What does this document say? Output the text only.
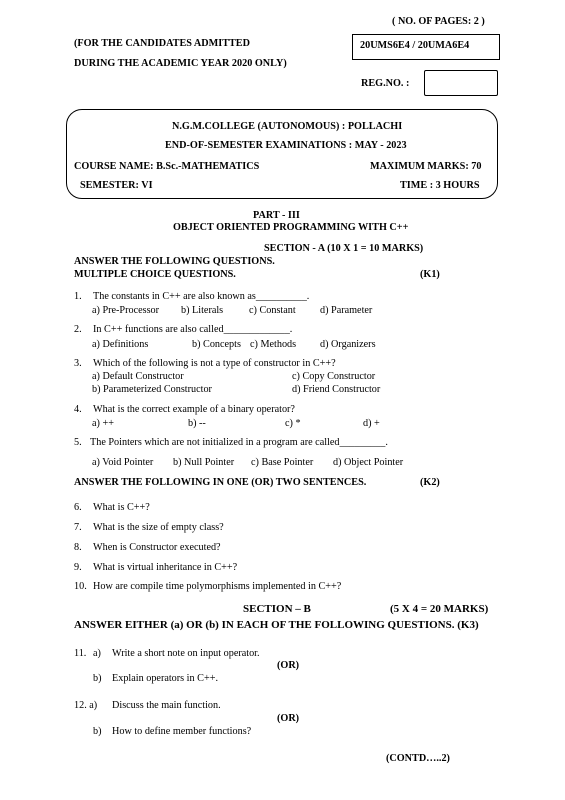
( NO. OF PAGES: 2 )
(FOR THE CANDIDATES ADMITTED
DURING THE ACADEMIC YEAR 2020 ONLY)
20UMS6E4 / 20UMA6E4
REG.NO. :
N.G.M.COLLEGE (AUTONOMOUS) : POLLACHI
END-OF-SEMESTER EXAMINATIONS : MAY - 2023
COURSE NAME: B.Sc.-MATHEMATICS	MAXIMUM MARKS: 70
SEMESTER: VI	TIME : 3 HOURS
PART - III
OBJECT ORIENTED PROGRAMMING WITH C++
SECTION - A (10 X 1 = 10 MARKS)
ANSWER THE FOLLOWING QUESTIONS.
MULTIPLE CHOICE QUESTIONS.	(K1)
1. The constants in C++ are also known as__________.
a) Pre-Processor b) Literals	c) Constant d) Parameter
2. In C++ functions are also called_____________.
a) Definitions	b) Concepts c) Methods d) Organizers
3. Which of the following is not a type of constructor in C++?
a) Default Constructor
b) Parameterized Constructor
c) Copy Constructor
d) Friend Constructor
4. What is the correct example of a binary operator?
a) ++	b) --	c) *	d) +
5. The Pointers which are not initialized in a program are called_________.
a) Void Pointer b) Null Pointer c) Base Pointer d) Object Pointer
ANSWER THE FOLLOWING IN ONE (OR) TWO SENTENCES.	(K2)
6. What is C++?
7. What is the size of empty class?
8. When is Constructor executed?
9. What is virtual inheritance in C++?
10. How are compile time polymorphisms implemented in C++?
SECTION – B	(5 X 4 = 20 MARKS)
ANSWER EITHER (a) OR (b) IN EACH OF THE FOLLOWING QUESTIONS. (K3)
11. a) Write a short note on input operator.
(OR)
b) Explain operators in C++.
12. a) Discuss the main function.
(OR)
b) How to define member functions?
(CONTD…..2)
